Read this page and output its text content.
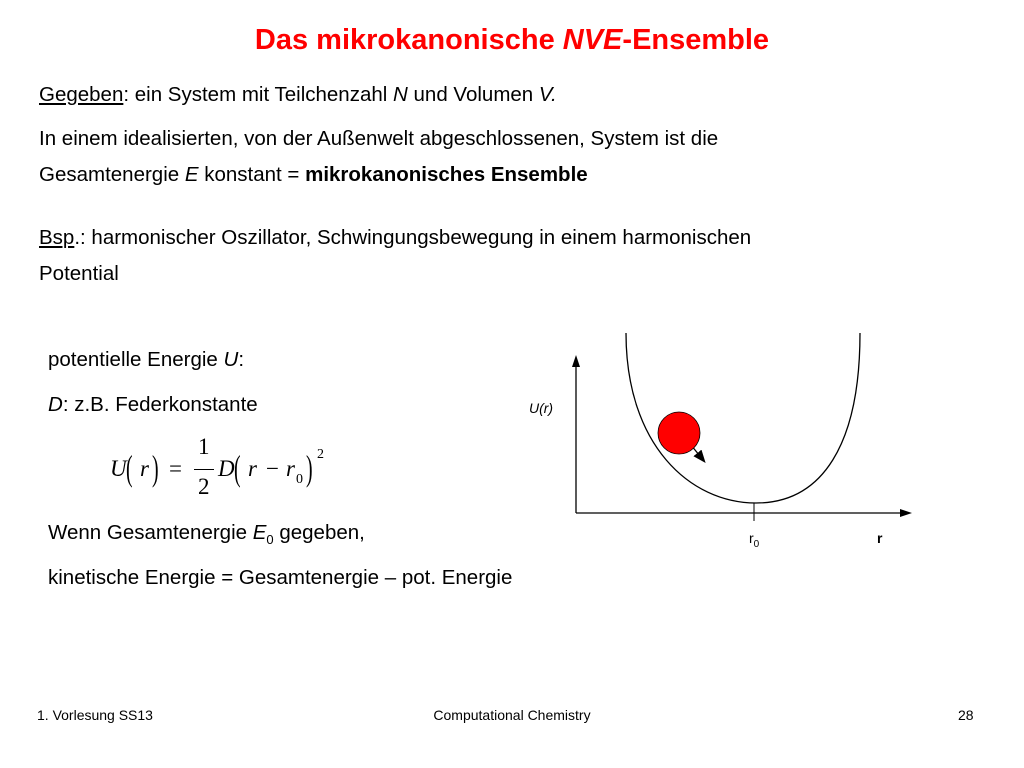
Das mikrokanonische NVE-Ensemble
Gegeben: ein System mit Teilchenzahl N und Volumen V.
In einem idealisierten, von der Außenwelt abgeschlossenen, System ist die
Gesamtenergie E konstant = mikrokanonisches Ensemble
Bsp.: harmonischer Oszillator, Schwingungsbewegung in einem harmonischen
Potential
potentielle Energie U:
D: z.B. Federkonstante
U ( r ) =
1
2
D ( r − r 0 ) 2
Wenn Gesamtenergie $E_0$ gegeben,
kinetische Energie = Gesamtenergie – pot. Energie
U(r)
$r_0$	r
1. Vorlesung SS13	Computational Chemistry	28
